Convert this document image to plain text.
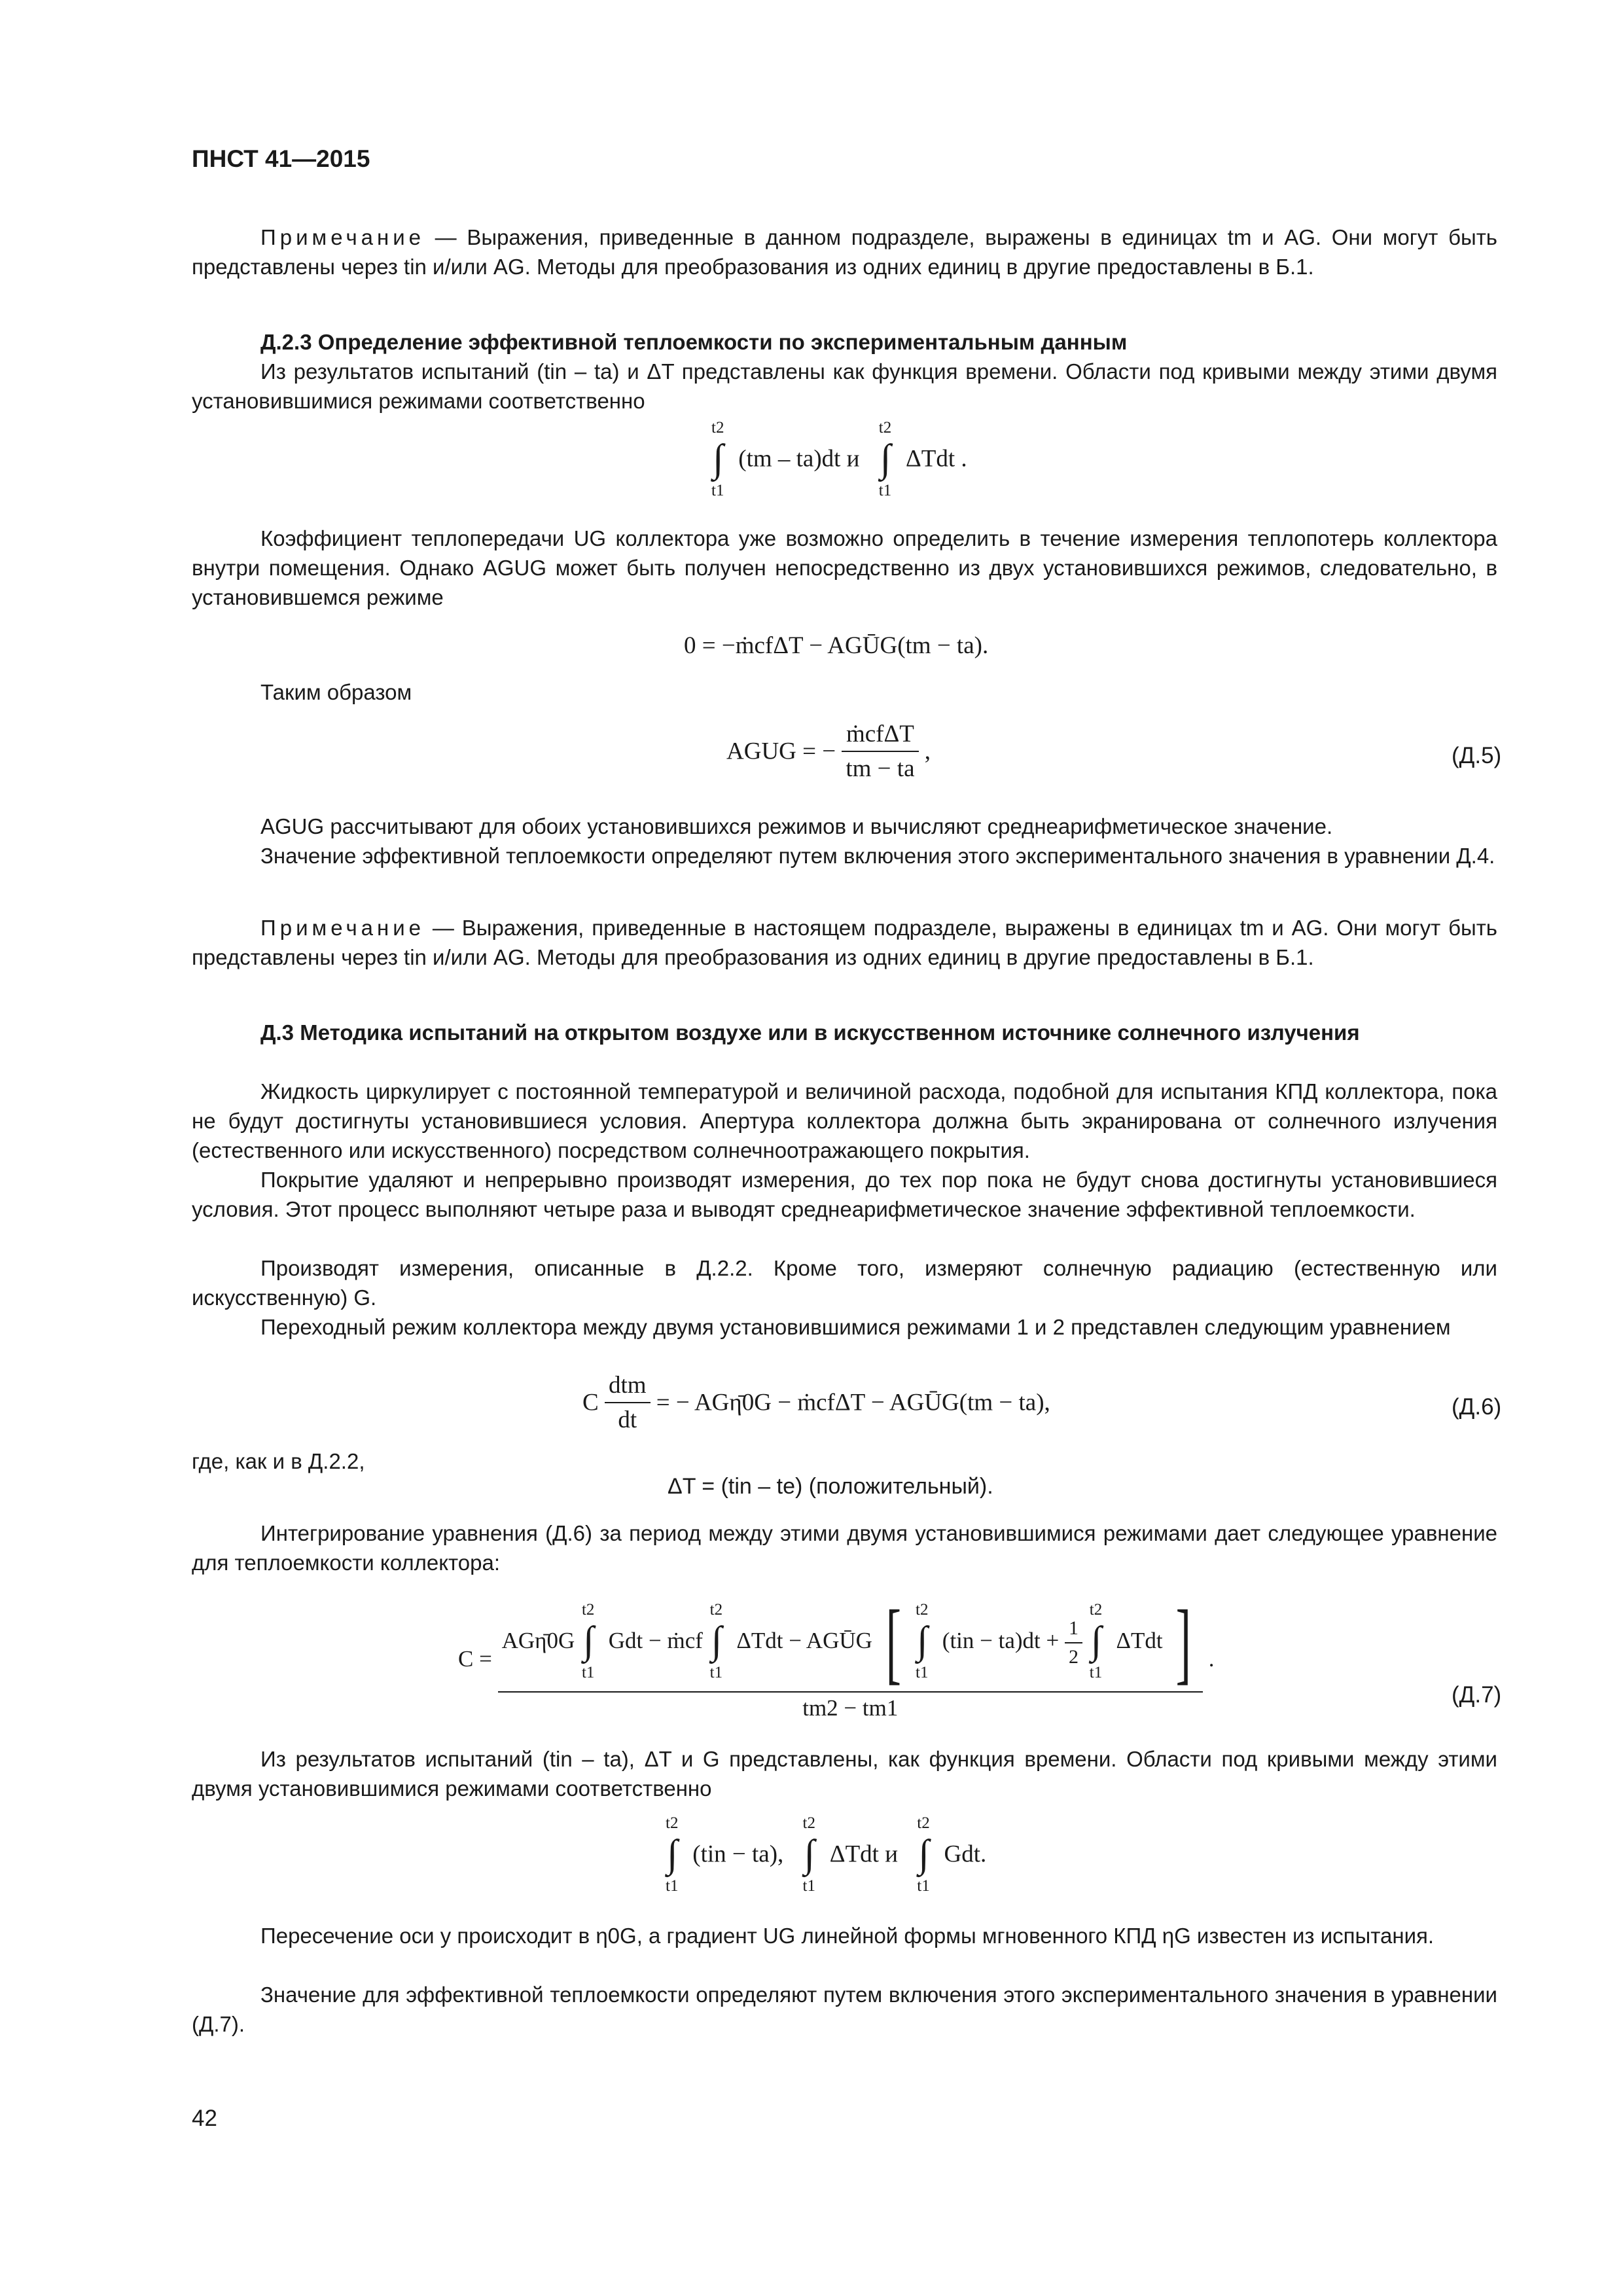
ПНСТ 41—2015
Примечание — Выражения, приведенные в данном подразделе, выражены в единицах tm и AG. Они могут быть представлены через tin и/или AG. Методы для преобразования из одних единиц в другие предоставлены в Б.1.
Д.2.3 Определение эффективной теплоемкости по экспериментальным данным
Из результатов испытаний (tin – ta) и ΔT представлены как функция времени. Области под кривыми между этими двумя установившимися режимами соответственно
t2
∫
t1
(tm – ta)dt и
t2
∫
t1
ΔTdt .
Коэффициент теплопередачи UG коллектора уже возможно определить в течение измерения теплопотерь коллектора внутри помещения. Однако AGUG может быть получен непосредственно из двух установившихся режимов, следовательно, в установившемся режиме
0 = −ṁcfΔT − AGŪG(tm − ta).
Таким образом
AGUG = − $\frac{\text{ṁcfΔT}}{tm - ta}$ ,	(Д.5)
AGUG рассчитывают для обоих установившихся режимов и вычисляют среднеарифметическое значение.
Значение эффективной теплоемкости определяют путем включения этого экспериментального значения в уравнении Д.4.
Примечание — Выражения, приведенные в настоящем подразделе, выражены в единицах tm и AG. Они могут быть представлены через tin и/или AG. Методы для преобразования из одних единиц в другие предоставлены в Б.1.
Д.3 Методика испытаний на открытом воздухе или в искусственном источнике солнечного излучения
Жидкость циркулирует с постоянной температурой и величиной расхода, подобной для испытания КПД коллектора, пока не будут достигнуты установившиеся условия. Апертура коллектора должна быть экранирована от солнечного излучения (естественного или искусственного) посредством солнечноотражающего покрытия.
Покрытие удаляют и непрерывно производят измерения, до тех пор пока не будут снова достигнуты установившиеся условия. Этот процесс выполняют четыре раза и выводят среднеарифметическое значение эффективной теплоемкости.
Производят измерения, описанные в Д.2.2. Кроме того, измеряют солнечную радиацию (естественную или искусственную) G.
Переходный режим коллектора между двумя установившимися режимами 1 и 2 представлен следующим уравнением
C $\frac{\text{dtm}}{dt}$ = − AGη̄0G − ṁcfΔT − AGŪG(tm − ta),	(Д.6)
где, как и в Д.2.2,
ΔT = (tin – te) (положительный).
Интегрирование уравнения (Д.6) за период между этими двумя установившимися режимами дает следующее уравнение для теплоемкости коллектора:
C =
AGη̄0G
t2
∫
t1
Gdt − ṁcf
t2
∫
t1
ΔTdt − AGŪG [ t2
∫
t1
$(tin - ta)dt + \frac{1}{2}$

t2
∫
t1
ΔTdt ]
tm2 − tm1
.
(Д.7)
Из результатов испытаний (tin – ta), ΔT и G представлены, как функция времени. Области под кривыми между этими двумя установившимися режимами соответственно
t2
∫
t1
(tin − ta),
t2
∫
t1
ΔTdt и
t2
∫
t1
Gdt.
Пересечение оси y происходит в η0G, а градиент UG линейной формы мгновенного КПД ηG известен из испытания.
Значение для эффективной теплоемкости определяют путем включения этого экспериментального значения в уравнении (Д.7).
42
